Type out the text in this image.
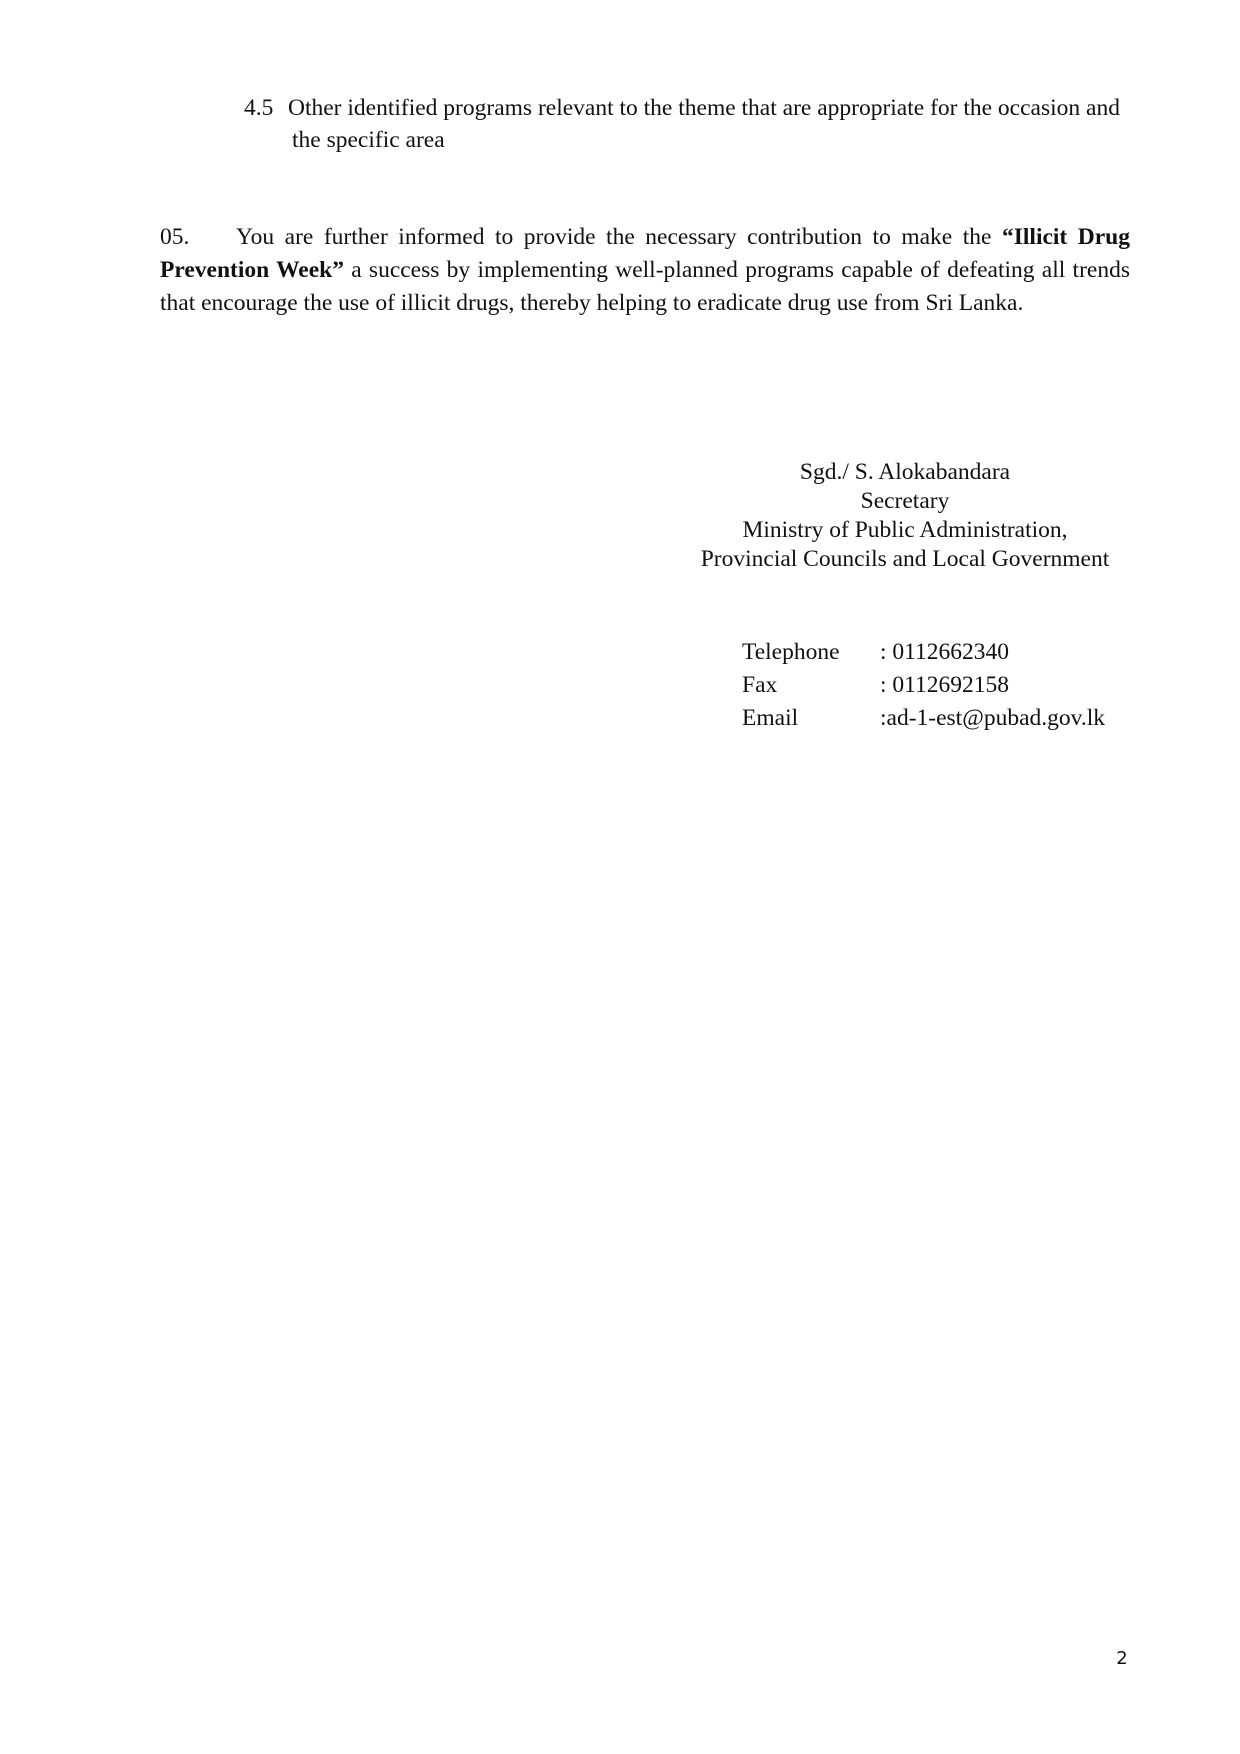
4.5 Other identified programs relevant to the theme that are appropriate for the occasion and the specific area

05. You are further informed to provide the necessary contribution to make the “Illicit Drug Prevention Week” a success by implementing well-planned programs capable of defeating all trends that encourage the use of illicit drugs, thereby helping to eradicate drug use from Sri Lanka.

Sgd./ S. Alokabandara
Secretary
Ministry of Public Administration,
Provincial Councils and Local Government
Telephone	: 0112662340
Fax	: 0112692158
Email	:ad-1-est@pubad.gov.lk
2
